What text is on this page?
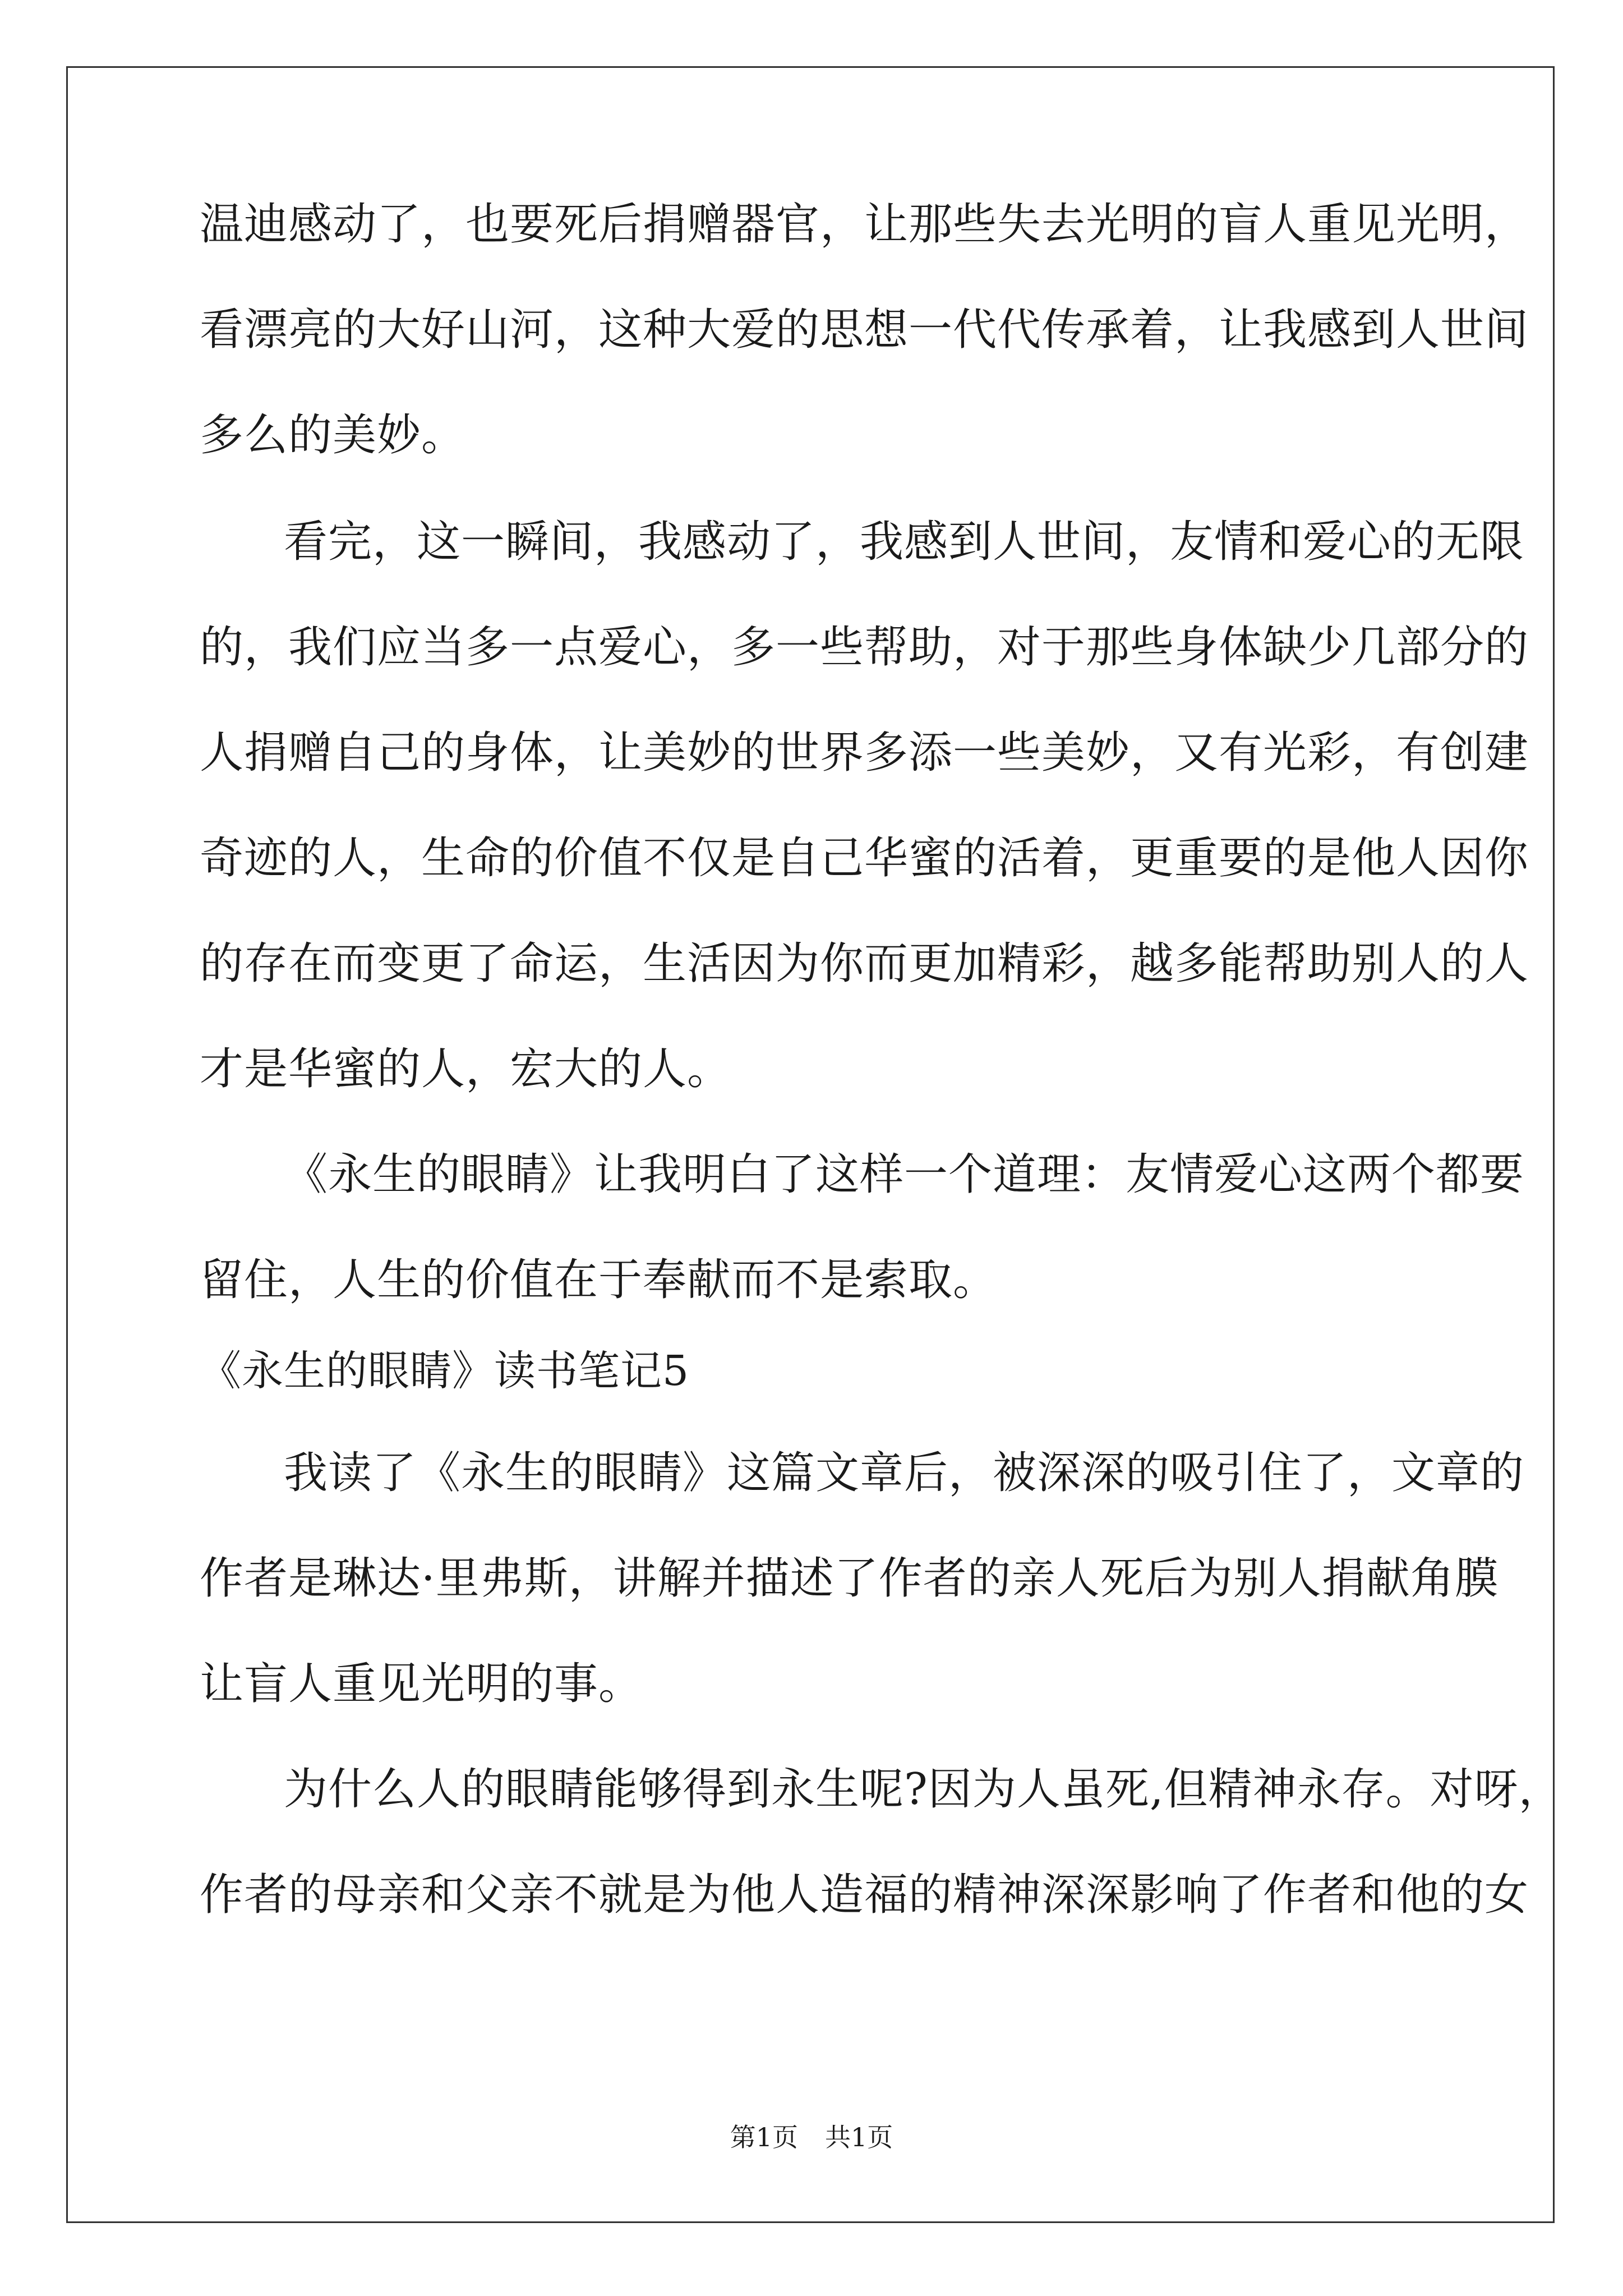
温迪感动了，也要死后捐赠器官，让那些失去光明的盲人重见光明，
看漂亮的大好山河，这种大爱的思想一代代传承着，让我感到人世间
多么的美妙。
看完，这一瞬间，我感动了，我感到人世间，友情和爱心的无限
的，我们应当多一点爱心，多一些帮助，对于那些身体缺少几部分的
人捐赠自己的身体，让美妙的世界多添一些美妙，又有光彩，有创建
奇迹的人，生命的价值不仅是自己华蜜的活着，更重要的是他人因你
的存在而变更了命运，生活因为你而更加精彩，越多能帮助别人的人
才是华蜜的人，宏大的人。
《永生的眼睛》让我明白了这样一个道理：友情爱心这两个都要
留住，人生的价值在于奉献而不是索取。
《永生的眼睛》读书笔记5
我读了《永生的眼睛》这篇文章后，被深深的吸引住了，文章的
作者是琳达·里弗斯，讲解并描述了作者的亲人死后为别人捐献角膜
让盲人重见光明的事。
为什么人的眼睛能够得到永生呢?因为人虽死,但精神永存。对呀，
作者的母亲和父亲不就是为他人造福的精神深深影响了作者和他的女
第1页 共1页
